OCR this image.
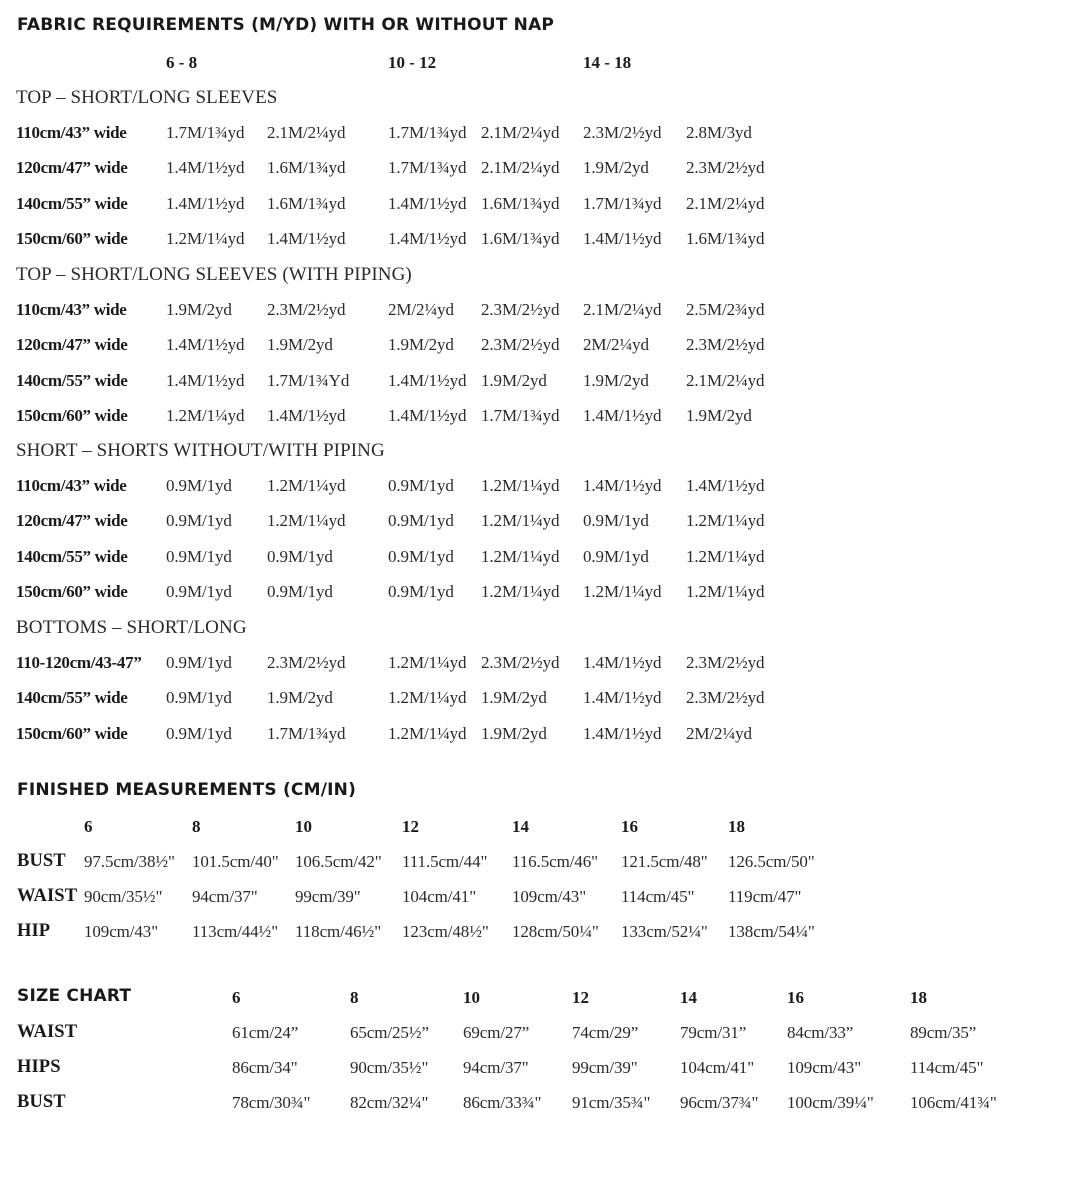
FABRIC REQUIREMENTS (M/YD) WITH OR WITHOUT NAP
6 - 8	10 - 12	14 - 18
TOP – SHORT/LONG SLEEVES
110cm/43” wide 1.7M/1¾yd 2.1M/2¼yd	1.7M/1¾yd 2.1M/2¼yd 2.3M/2½yd 2.8M/3yd
120cm/47” wide 1.4M/1½yd 1.6M/1¾yd	1.7M/1¾yd 2.1M/2¼yd 1.9M/2yd 2.3M/2½yd
140cm/55” wide 1.4M/1½yd 1.6M/1¾yd	1.4M/1½yd 1.6M/1¾yd 1.7M/1¾yd 2.1M/2¼yd
150cm/60” wide 1.2M/1¼yd 1.4M/1½yd	1.4M/1½yd 1.6M/1¾yd 1.4M/1½yd 1.6M/1¾yd
TOP – SHORT/LONG SLEEVES (WITH PIPING)
110cm/43” wide 1.9M/2yd 2.3M/2½yd	2M/2¼yd 2.3M/2½yd 2.1M/2¼yd 2.5M/2¾yd
120cm/47” wide 1.4M/1½yd 1.9M/2yd	1.9M/2yd 2.3M/2½yd 2M/2¼yd 2.3M/2½yd
140cm/55” wide 1.4M/1½yd 1.7M/1¾Yd 1.4M/1½yd 1.9M/2yd 1.9M/2yd 2.1M/2¼yd
150cm/60” wide 1.2M/1¼yd 1.4M/1½yd	1.4M/1½yd 1.7M/1¾yd 1.4M/1½yd 1.9M/2yd
SHORT – SHORTS WITHOUT/WITH PIPING
110cm/43” wide 0.9M/1yd 1.2M/1¼yd	0.9M/1yd 1.2M/1¼yd 1.4M/1½yd 1.4M/1½yd
120cm/47” wide 0.9M/1yd 1.2M/1¼yd	0.9M/1yd 1.2M/1¼yd 0.9M/1yd 1.2M/1¼yd
140cm/55” wide 0.9M/1yd 0.9M/1yd	0.9M/1yd 1.2M/1¼yd 0.9M/1yd 1.2M/1¼yd
150cm/60” wide 0.9M/1yd 0.9M/1yd	0.9M/1yd 1.2M/1¼yd 1.2M/1¼yd 1.2M/1¼yd
BOTTOMS – SHORT/LONG
110-120cm/43-47” 0.9M/1yd 2.3M/2½yd	1.2M/1¼yd 2.3M/2½yd 1.4M/1½yd 2.3M/2½yd
140cm/55” wide 0.9M/1yd 1.9M/2yd	1.2M/1¼yd 1.9M/2yd 1.4M/1½yd 2.3M/2½yd
150cm/60” wide 0.9M/1yd 1.7M/1¾yd	1.2M/1¼yd 1.9M/2yd 1.4M/1½yd 2M/2¼yd
FINISHED MEASUREMENTS (CM/IN)
6	8	10	12	14	16	18
BUST 97.5cm/38½" 101.5cm/40" 106.5cm/42" 111.5cm/44" 116.5cm/46" 121.5cm/48" 126.5cm/50"
WAIST 90cm/35½" 94cm/37" 99cm/39" 104cm/41" 109cm/43" 114cm/45" 119cm/47"
HIP 109cm/43" 113cm/44½" 118cm/46½" 123cm/48½" 128cm/50¼" 133cm/52¼" 138cm/54¼"
SIZE CHART	6	8	10	12	14	16	18
WAIST	61cm/24”	65cm/25½” 69cm/27”	74cm/29” 79cm/31” 84cm/33”	89cm/35”
HIPS	86cm/34"	90cm/35½" 94cm/37"	99cm/39" 104cm/41" 109cm/43"	114cm/45"
BUST	78cm/30¾" 82cm/32¼" 86cm/33¾" 91cm/35¾" 96cm/37¾" 100cm/39¼" 106cm/41¾"
